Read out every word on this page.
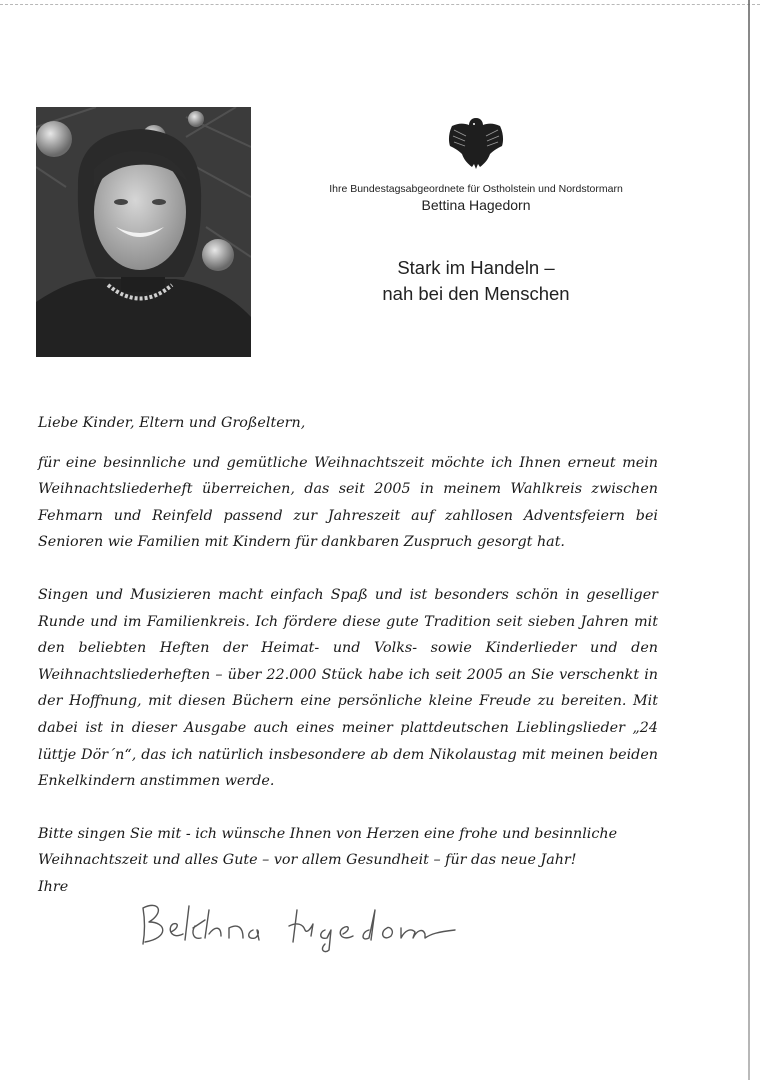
Ihre Bundestagsabgeordnete für Ostholstein und Nordstormarn
Bettina Hagedorn
Stark im Handeln –
nah bei den Menschen

Liebe Kinder, Eltern und Großeltern,

für eine besinnliche und gemütliche Weihnachtszeit möchte ich Ihnen erneut mein Weihnachtsliederheft überreichen, das seit 2005 in meinem Wahlkreis zwischen Fehmarn und Reinfeld passend zur Jahreszeit auf zahllosen Adventsfeiern bei Senioren wie Familien mit Kindern für dankbaren Zuspruch gesorgt hat.

Singen und Musizieren macht einfach Spaß und ist besonders schön in geselliger Runde und im Familienkreis. Ich fördere diese gute Tradition seit sieben Jahren mit den beliebten Heften der Heimat- und Volks- sowie Kinderlieder und den Weihnachtsliederheften – über 22.000 Stück habe ich seit 2005 an Sie verschenkt in der Hoffnung, mit diesen Büchern eine persönliche kleine Freude zu bereiten. Mit dabei ist in dieser Ausgabe auch eines meiner plattdeutschen Lieblingslieder „24 lüttje Dör´n“, das ich natürlich insbesondere ab dem Nikolaustag mit meinen beiden Enkelkindern anstimmen werde.

Bitte singen Sie mit - ich wünsche Ihnen von Herzen eine frohe und besinnliche Weihnachtszeit und alles Gute – vor allem Gesundheit – für das neue Jahr!

Ihre
